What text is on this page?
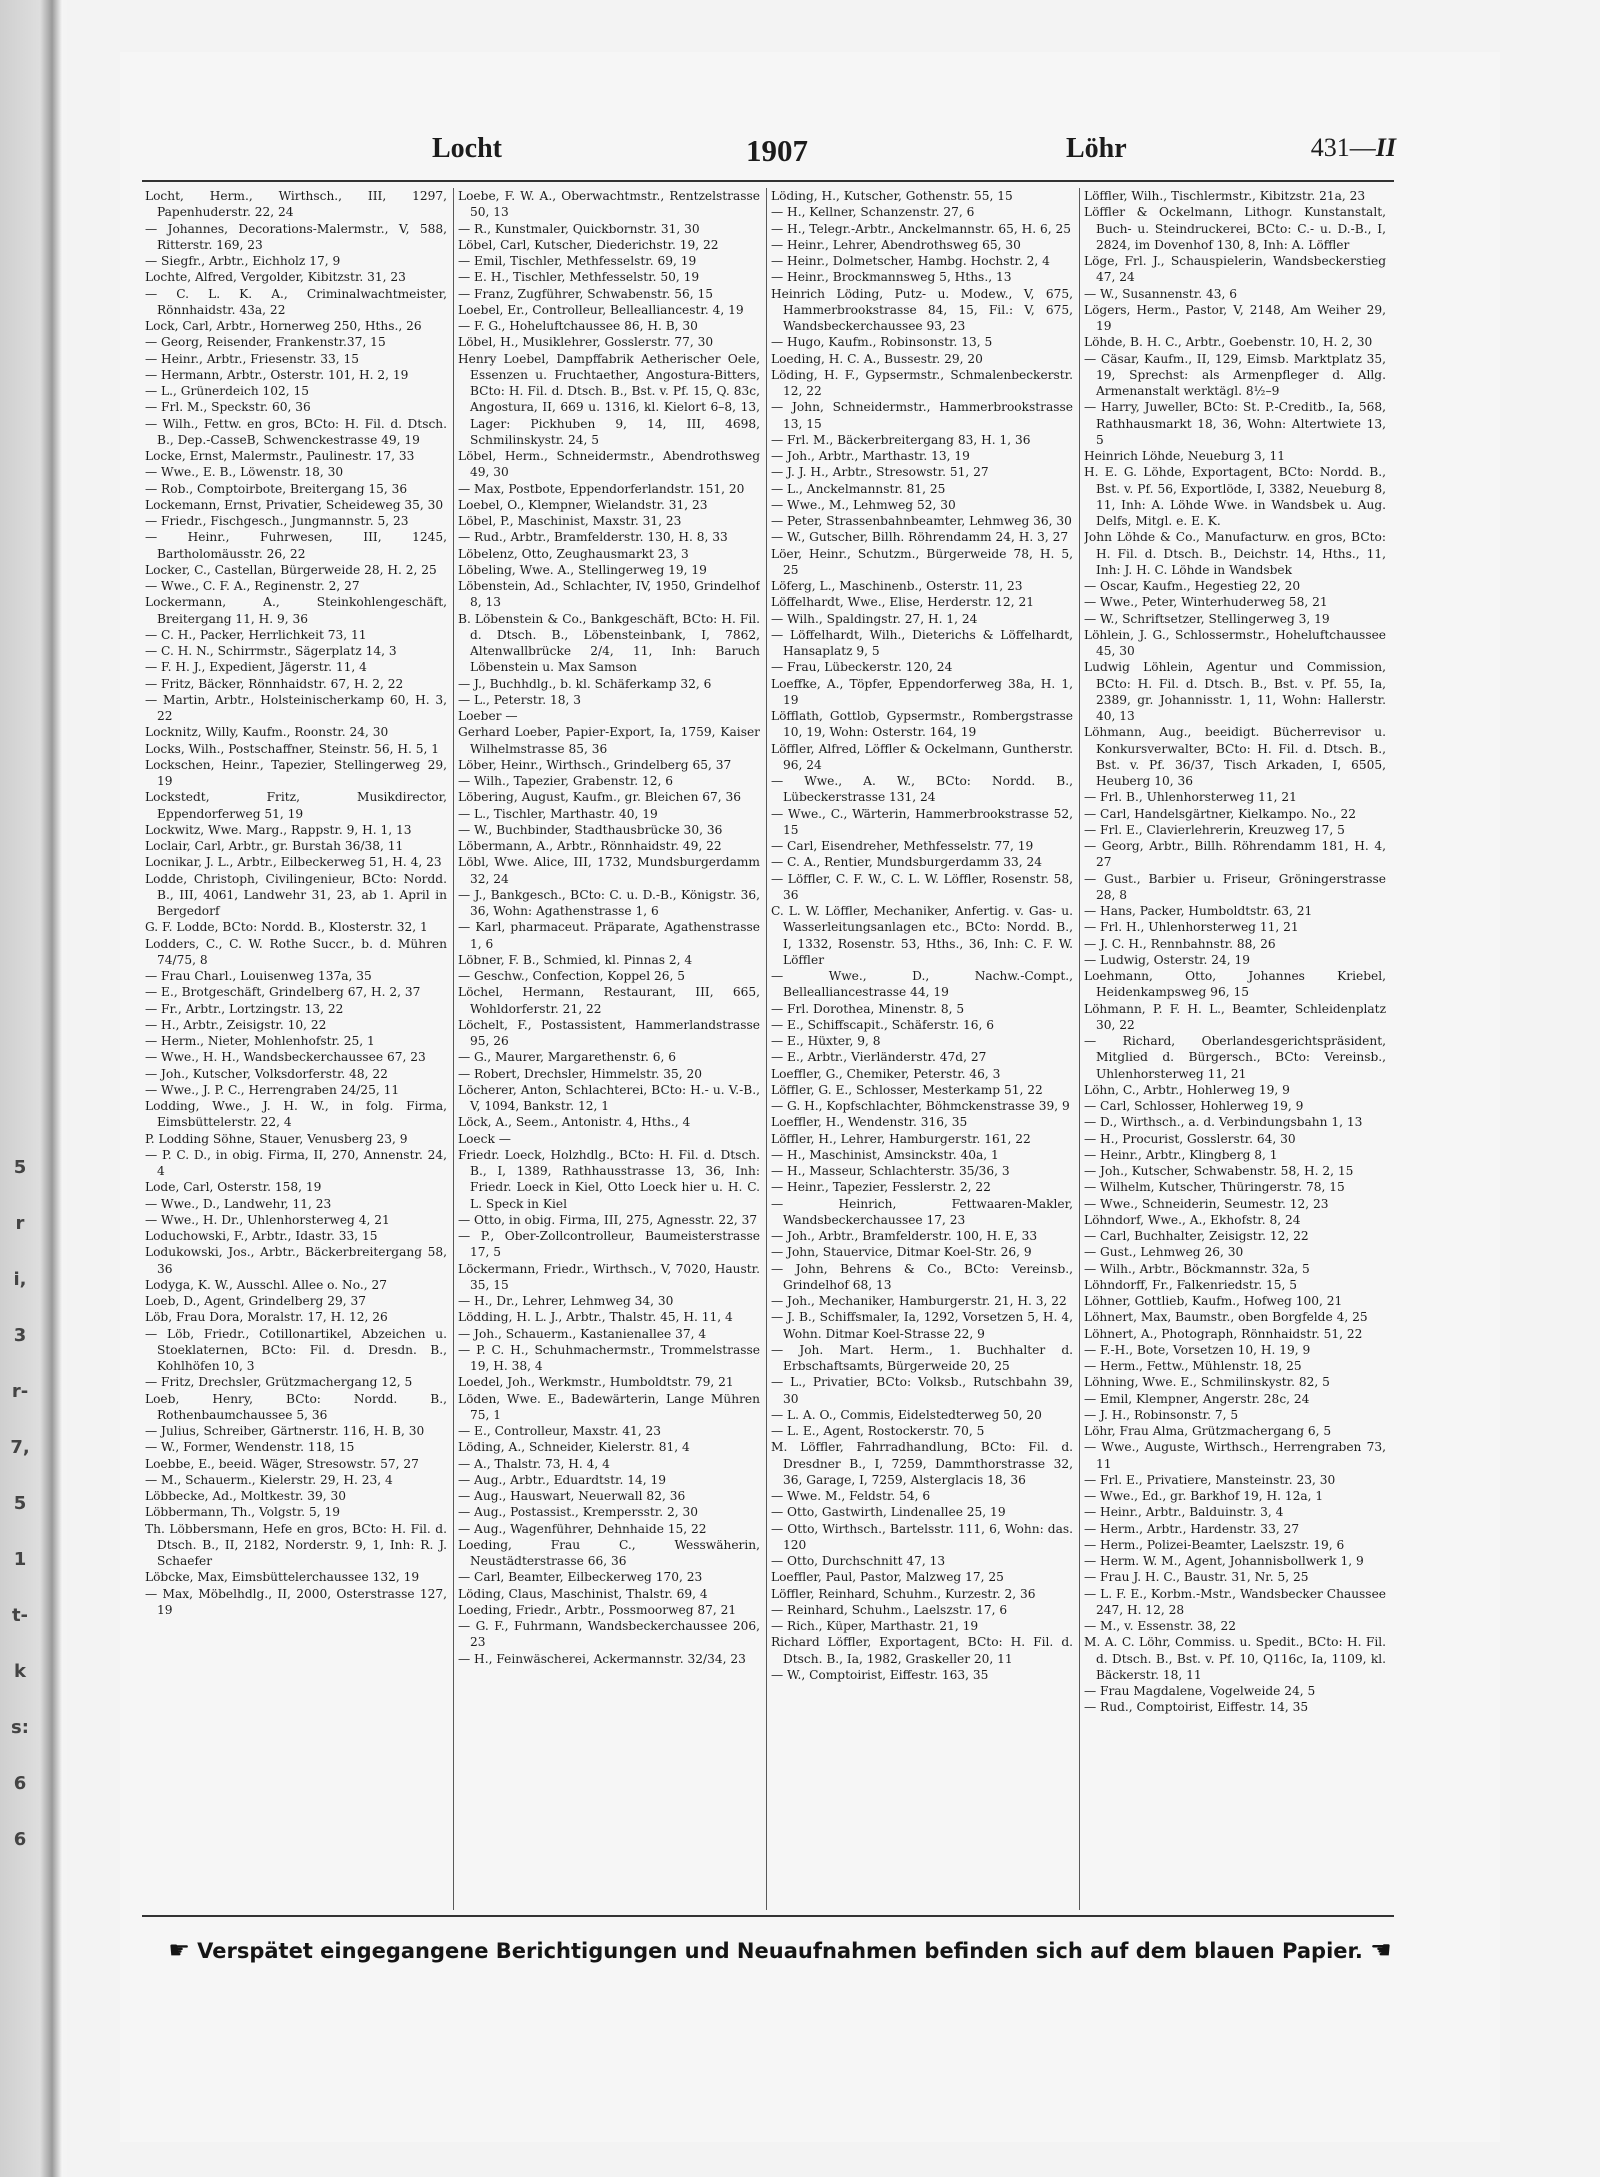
5
r
i,
3
r-
7,
5
1
t-
k
s:
6
6
Locht	1907	Löhr	431—II

Locht, Herm., Wirthsch., III, 1297, Papenhuderstr. 22, 24

— Johannes, Decorations-Malermstr., V, 588, Ritterstr. 169, 23

— Siegfr., Arbtr., Eichholz 17, 9

Lochte, Alfred, Vergolder, Kibitzstr. 31, 23

— C. L. K. A., Criminalwachtmeister, Rönnhaidstr. 43a, 22

Lock, Carl, Arbtr., Hornerweg 250, Hths., 26

— Georg, Reisender, Frankenstr.37, 15

— Heinr., Arbtr., Friesenstr. 33, 15

— Hermann, Arbtr., Osterstr. 101, H. 2, 19

— L., Grünerdeich 102, 15

— Frl. M., Speckstr. 60, 36

— Wilh., Fettw. en gros, BCto: H. Fil. d. Dtsch. B., Dep.-CasseB, Schwenckestrasse 49, 19

Locke, Ernst, Malermstr., Paulinestr. 17, 33

— Wwe., E. B., Löwenstr. 18, 30

— Rob., Comptoirbote, Breitergang 15, 36

Lockemann, Ernst, Privatier, Scheideweg 35, 30

— Friedr., Fischgesch., Jungmannstr. 5, 23

— Heinr., Fuhrwesen, III, 1245, Bartholomäusstr. 26, 22

Locker, C., Castellan, Bürgerweide 28, H. 2, 25

— Wwe., C. F. A., Reginenstr. 2, 27

Lockermann, A., Steinkohlengeschäft, Breitergang 11, H. 9, 36

— C. H., Packer, Herrlichkeit 73, 11

— C. H. N., Schirrmstr., Sägerplatz 14, 3

— F. H. J., Expedient, Jägerstr. 11, 4

— Fritz, Bäcker, Rönnhaidstr. 67, H. 2, 22

— Martin, Arbtr., Holsteinischerkamp 60, H. 3, 22

Locknitz, Willy, Kaufm., Roonstr. 24, 30

Locks, Wilh., Postschaffner, Steinstr. 56, H. 5, 1

Lockschen, Heinr., Tapezier, Stellingerweg 29, 19

Lockstedt, Fritz, Musikdirector, Eppendorferweg 51, 19

Lockwitz, Wwe. Marg., Rappstr. 9, H. 1, 13

Loclair, Carl, Arbtr., gr. Burstah 36/38, 11

Locnikar, J. L., Arbtr., Eilbeckerweg 51, H. 4, 23

Lodde, Christoph, Civilingenieur, BCto: Nordd. B., III, 4061, Landwehr 31, 23, ab 1. April in Bergedorf

G. F. Lodde, BCto: Nordd. B., Klosterstr. 32, 1

Lodders, C., C. W. Rothe Succr., b. d. Mühren 74/75, 8

— Frau Charl., Louisenweg 137a, 35

— E., Brotgeschäft, Grindelberg 67, H. 2, 37

— Fr., Arbtr., Lortzingstr. 13, 22

— H., Arbtr., Zeisigstr. 10, 22

— Herm., Nieter, Mohlenhofstr. 25, 1

— Wwe., H. H., Wandsbeckerchaussee 67, 23

— Joh., Kutscher, Volksdorferstr. 48, 22

— Wwe., J. P. C., Herrengraben 24/25, 11

Lodding, Wwe., J. H. W., in folg. Firma, Eimsbüttelerstr. 22, 4

P. Lodding Söhne, Stauer, Venusberg 23, 9

— P. C. D., in obig. Firma, II, 270, Annenstr. 24, 4

Lode, Carl, Osterstr. 158, 19

— Wwe., D., Landwehr, 11, 23

— Wwe., H. Dr., Uhlenhorsterweg 4, 21

Loduchowski, F., Arbtr., Idastr. 33, 15

Lodukowski, Jos., Arbtr., Bäckerbreitergang 58, 36

Lodyga, K. W., Ausschl. Allee o. No., 27

Loeb, D., Agent, Grindelberg 29, 37

Löb, Frau Dora, Moralstr. 17, H. 12, 26

— Löb, Friedr., Cotillonartikel, Abzeichen u. Stoeklaternen, BCto: Fil. d. Dresdn. B., Kohlhöfen 10, 3

— Fritz, Drechsler, Grützmachergang 12, 5

Loeb, Henry, BCto: Nordd. B., Rothenbaumchaussee 5, 36

— Julius, Schreiber, Gärtnerstr. 116, H. B, 30

— W., Former, Wendenstr. 118, 15

Loebbe, E., beeid. Wäger, Stresowstr. 57, 27

— M., Schauerm., Kielerstr. 29, H. 23, 4

Löbbecke, Ad., Moltkestr. 39, 30

Löbbermann, Th., Volgstr. 5, 19

Th. Löbbersmann, Hefe en gros, BCto: H. Fil. d. Dtsch. B., II, 2182, Norderstr. 9, 1, Inh: R. J. Schaefer

Löbcke, Max, Eimsbüttelerchaussee 132, 19

— Max, Möbelhdlg., II, 2000, Osterstrasse 127, 19

Loebe, F. W. A., Oberwachtmstr., Rentzelstrasse 50, 13

— R., Kunstmaler, Quickbornstr. 31, 30

Löbel, Carl, Kutscher, Diederichstr. 19, 22

— Emil, Tischler, Methfesselstr. 69, 19

— E. H., Tischler, Methfesselstr. 50, 19

— Franz, Zugführer, Schwabenstr. 56, 15

Loebel, Er., Controlleur, Bellealliancestr. 4, 19

— F. G., Hoheluftchaussee 86, H. B, 30

Löbel, H., Musiklehrer, Gosslerstr. 77, 30

Henry Loebel, Dampffabrik Aetherischer Oele, Essenzen u. Fruchtaether, Angostura-Bitters, BCto: H. Fil. d. Dtsch. B., Bst. v. Pf. 15, Q. 83c, Angostura, II, 669 u. 1316, kl. Kielort 6–8, 13, Lager: Pickhuben 9, 14, III, 4698, Schmilinskystr. 24, 5

Löbel, Herm., Schneidermstr., Abendrothsweg 49, 30

— Max, Postbote, Eppendorferlandstr. 151, 20

Loebel, O., Klempner, Wielandstr. 31, 23

Löbel, P., Maschinist, Maxstr. 31, 23

— Rud., Arbtr., Bramfelderstr. 130, H. 8, 33

Löbelenz, Otto, Zeughausmarkt 23, 3

Löbeling, Wwe. A., Stellingerweg 19, 19

Löbenstein, Ad., Schlachter, IV, 1950, Grindelhof 8, 13

B. Löbenstein & Co., Bankgeschäft, BCto: H. Fil. d. Dtsch. B., Löbensteinbank, I, 7862, Altenwallbrücke 2/4, 11, Inh: Baruch Löbenstein u. Max Samson

— J., Buchhdlg., b. kl. Schäferkamp 32, 6

— L., Peterstr. 18, 3

Loeber —

Gerhard Loeber, Papier-Export, Ia, 1759, Kaiser Wilhelmstrasse 85, 36

Löber, Heinr., Wirthsch., Grindelberg 65, 37

— Wilh., Tapezier, Grabenstr. 12, 6

Löbering, August, Kaufm., gr. Bleichen 67, 36

— L., Tischler, Marthastr. 40, 19

— W., Buchbinder, Stadthausbrücke 30, 36

Löbermann, A., Arbtr., Rönnhaidstr. 49, 22

Löbl, Wwe. Alice, III, 1732, Mundsburgerdamm 32, 24

— J., Bankgesch., BCto: C. u. D.-B., Königstr. 36, 36, Wohn: Agathenstrasse 1, 6

— Karl, pharmaceut. Präparate, Agathenstrasse 1, 6

Löbner, F. B., Schmied, kl. Pinnas 2, 4

— Geschw., Confection, Koppel 26, 5

Löchel, Hermann, Restaurant, III, 665, Wohldorferstr. 21, 22

Löchelt, F., Postassistent, Hammerlandstrasse 95, 26

— G., Maurer, Margarethenstr. 6, 6

— Robert, Drechsler, Himmelstr. 35, 20

Löcherer, Anton, Schlachterei, BCto: H.- u. V.-B., V, 1094, Bankstr. 12, 1

Löck, A., Seem., Antonistr. 4, Hths., 4

Loeck —

Friedr. Loeck, Holzhdlg., BCto: H. Fil. d. Dtsch. B., I, 1389, Rathhausstrasse 13, 36, Inh: Friedr. Loeck in Kiel, Otto Loeck hier u. H. C. L. Speck in Kiel

— Otto, in obig. Firma, III, 275, Agnesstr. 22, 37

— P., Ober-Zollcontrolleur, Baumeisterstrasse 17, 5

Löckermann, Friedr., Wirthsch., V, 7020, Haustr. 35, 15

— H., Dr., Lehrer, Lehmweg 34, 30

Lödding, H. L. J., Arbtr., Thalstr. 45, H. 11, 4

— Joh., Schauerm., Kastanienallee 37, 4

— P. C. H., Schuhmachermstr., Trommelstrasse 19, H. 38, 4

Loedel, Joh., Werkmstr., Humboldtstr. 79, 21

Löden, Wwe. E., Badewärterin, Lange Mühren 75, 1

— E., Controlleur, Maxstr. 41, 23

Löding, A., Schneider, Kielerstr. 81, 4

— A., Thalstr. 73, H. 4, 4

— Aug., Arbtr., Eduardtstr. 14, 19

— Aug., Hauswart, Neuerwall 82, 36

— Aug., Postassist., Krempersstr. 2, 30

— Aug., Wagenführer, Dehnhaide 15, 22

Loeding, Frau C., Wesswäherin, Neustädterstrasse 66, 36

— Carl, Beamter, Eilbeckerweg 170, 23

Löding, Claus, Maschinist, Thalstr. 69, 4

Loeding, Friedr., Arbtr., Possmoorweg 87, 21

— G. F., Fuhrmann, Wandsbeckerchaussee 206, 23

— H., Feinwäscherei, Ackermannstr. 32/34, 23

Löding, H., Kutscher, Gothenstr. 55, 15

— H., Kellner, Schanzenstr. 27, 6

— H., Telegr.-Arbtr., Anckelmannstr. 65, H. 6, 25

— Heinr., Lehrer, Abendrothsweg 65, 30

— Heinr., Dolmetscher, Hambg. Hochstr. 2, 4

— Heinr., Brockmannsweg 5, Hths., 13

Heinrich Löding, Putz- u. Modew., V, 675, Hammerbrookstrasse 84, 15, Fil.: V, 675, Wandsbeckerchaussee 93, 23

— Hugo, Kaufm., Robinsonstr. 13, 5

Loeding, H. C. A., Bussestr. 29, 20

Löding, H. F., Gypsermstr., Schmalenbeckerstr. 12, 22

— John, Schneidermstr., Hammerbrookstrasse 13, 15

— Frl. M., Bäckerbreitergang 83, H. 1, 36

— Joh., Arbtr., Marthastr. 13, 19

— J. J. H., Arbtr., Stresowstr. 51, 27

— L., Anckelmannstr. 81, 25

— Wwe., M., Lehmweg 52, 30

— Peter, Strassenbahnbeamter, Lehmweg 36, 30

— W., Gutscher, Billh. Röhrendamm 24, H. 3, 27

Löer, Heinr., Schutzm., Bürgerweide 78, H. 5, 25

Löferg, L., Maschinenb., Osterstr. 11, 23

Löffelhardt, Wwe., Elise, Herderstr. 12, 21

— Wilh., Spaldingstr. 27, H. 1, 24

— Löffelhardt, Wilh., Dieterichs & Löffelhardt, Hansaplatz 9, 5

— Frau, Lübeckerstr. 120, 24

Loeffke, A., Töpfer, Eppendorferweg 38a, H. 1, 19

Löfflath, Gottlob, Gypsermstr., Rombergstrasse 10, 19, Wohn: Osterstr. 164, 19

Löffler, Alfred, Löffler & Ockelmann, Guntherstr. 96, 24

— Wwe., A. W., BCto: Nordd. B., Lübeckerstrasse 131, 24

— Wwe., C., Wärterin, Hammerbrookstrasse 52, 15

— Carl, Eisendreher, Methfesselstr. 77, 19

— C. A., Rentier, Mundsburgerdamm 33, 24

— Löffler, C. F. W., C. L. W. Löffler, Rosenstr. 58, 36

C. L. W. Löffler, Mechaniker, Anfertig. v. Gas- u. Wasserleitungsanlagen etc., BCto: Nordd. B., I, 1332, Rosenstr. 53, Hths., 36, Inh: C. F. W. Löffler

— Wwe., D., Nachw.-Compt., Bellealliancestrasse 44, 19

— Frl. Dorothea, Minenstr. 8, 5

— E., Schiffscapit., Schäferstr. 16, 6

— E., Hüxter, 9, 8

— E., Arbtr., Vierländerstr. 47d, 27

Loeffler, G., Chemiker, Peterstr. 46, 3

Löffler, G. E., Schlosser, Mesterkamp 51, 22

— G. H., Kopfschlachter, Böhmckenstrasse 39, 9

Loeffler, H., Wendenstr. 316, 35

Löffler, H., Lehrer, Hamburgerstr. 161, 22

— H., Maschinist, Amsinckstr. 40a, 1

— H., Masseur, Schlachterstr. 35/36, 3

— Heinr., Tapezier, Fesslerstr. 2, 22

— Heinrich, Fettwaaren-Makler, Wandsbeckerchaussee 17, 23

— Joh., Arbtr., Bramfelderstr. 100, H. E, 33

— John, Stauervice, Ditmar Koel-Str. 26, 9

— John, Behrens & Co., BCto: Vereinsb., Grindelhof 68, 13

— Joh., Mechaniker, Hamburgerstr. 21, H. 3, 22

— J. B., Schiffsmaler, Ia, 1292, Vorsetzen 5, H. 4, Wohn. Ditmar Koel-Strasse 22, 9

— Joh. Mart. Herm., 1. Buchhalter d. Erbschaftsamts, Bürgerweide 20, 25

— L., Privatier, BCto: Volksb., Rutschbahn 39, 30

— L. A. O., Commis, Eidelstedterweg 50, 20

— L. E., Agent, Rostockerstr. 70, 5

M. Löffler, Fahrradhandlung, BCto: Fil. d. Dresdner B., I, 7259, Dammthorstrasse 32, 36, Garage, I, 7259, Alsterglacis 18, 36

— Wwe. M., Feldstr. 54, 6

— Otto, Gastwirth, Lindenallee 25, 19

— Otto, Wirthsch., Bartelsstr. 111, 6, Wohn: das. 120

— Otto, Durchschnitt 47, 13

Loeffler, Paul, Pastor, Malzweg 17, 25

Löffler, Reinhard, Schuhm., Kurzestr. 2, 36

— Reinhard, Schuhm., Laelszstr. 17, 6

— Rich., Küper, Marthastr. 21, 19

Richard Löffler, Exportagent, BCto: H. Fil. d. Dtsch. B., Ia, 1982, Graskeller 20, 11

— W., Comptoirist, Eiffestr. 163, 35

Löffler, Wilh., Tischlermstr., Kibitzstr. 21a, 23

Löffler & Ockelmann, Lithogr. Kunstanstalt, Buch- u. Steindruckerei, BCto: C.- u. D.-B., I, 2824, im Dovenhof 130, 8, Inh: A. Löffler

Löge, Frl. J., Schauspielerin, Wandsbeckerstieg 47, 24

— W., Susannenstr. 43, 6

Lögers, Herm., Pastor, V, 2148, Am Weiher 29, 19

Löhde, B. H. C., Arbtr., Goebenstr. 10, H. 2, 30

— Cäsar, Kaufm., II, 129, Eimsb. Marktplatz 35, 19, Sprechst: als Armenpfleger d. Allg. Armenanstalt werktägl. 8½–9

— Harry, Juweller, BCto: St. P.-Creditb., Ia, 568, Rathhausmarkt 18, 36, Wohn: Altertwiete 13, 5

Heinrich Löhde, Neueburg 3, 11

H. E. G. Löhde, Exportagent, BCto: Nordd. B., Bst. v. Pf. 56, Exportlöde, I, 3382, Neueburg 8, 11, Inh: A. Löhde Wwe. in Wandsbek u. Aug. Delfs, Mitgl. e. E. K.

John Löhde & Co., Manufacturw. en gros, BCto: H. Fil. d. Dtsch. B., Deichstr. 14, Hths., 11, Inh: J. H. C. Löhde in Wandsbek

— Oscar, Kaufm., Hegestieg 22, 20

— Wwe., Peter, Winterhuderweg 58, 21

— W., Schriftsetzer, Stellingerweg 3, 19

Löhlein, J. G., Schlossermstr., Hoheluftchaussee 45, 30

Ludwig Löhlein, Agentur und Commission, BCto: H. Fil. d. Dtsch. B., Bst. v. Pf. 55, Ia, 2389, gr. Johannisstr. 1, 11, Wohn: Hallerstr. 40, 13

Löhmann, Aug., beeidigt. Bücherrevisor u. Konkursverwalter, BCto: H. Fil. d. Dtsch. B., Bst. v. Pf. 36/37, Tisch Arkaden, I, 6505, Heuberg 10, 36

— Frl. B., Uhlenhorsterweg 11, 21

— Carl, Handelsgärtner, Kielkampo. No., 22

— Frl. E., Clavierlehrerin, Kreuzweg 17, 5

— Georg, Arbtr., Billh. Röhrendamm 181, H. 4, 27

— Gust., Barbier u. Friseur, Gröningerstrasse 28, 8

— Hans, Packer, Humboldtstr. 63, 21

— Frl. H., Uhlenhorsterweg 11, 21

— J. C. H., Rennbahnstr. 88, 26

— Ludwig, Osterstr. 24, 19

Loehmann, Otto, Johannes Kriebel, Heidenkampsweg 96, 15

Löhmann, P. F. H. L., Beamter, Schleidenplatz 30, 22

— Richard, Oberlandesgerichtspräsident, Mitglied d. Bürgersch., BCto: Vereinsb., Uhlenhorsterweg 11, 21

Löhn, C., Arbtr., Hohlerweg 19, 9

— Carl, Schlosser, Hohlerweg 19, 9

— D., Wirthsch., a. d. Verbindungsbahn 1, 13

— H., Procurist, Gosslerstr. 64, 30

— Heinr., Arbtr., Klingberg 8, 1

— Joh., Kutscher, Schwabenstr. 58, H. 2, 15

— Wilhelm, Kutscher, Thüringerstr. 78, 15

— Wwe., Schneiderin, Seumestr. 12, 23

Löhndorf, Wwe., A., Ekhofstr. 8, 24

— Carl, Buchhalter, Zeisigstr. 12, 22

— Gust., Lehmweg 26, 30

— Wilh., Arbtr., Böckmannstr. 32a, 5

Löhndorff, Fr., Falkenriedstr. 15, 5

Löhner, Gottlieb, Kaufm., Hofweg 100, 21

Löhnert, Max, Baumstr., oben Borgfelde 4, 25

Löhnert, A., Photograph, Rönnhaidstr. 51, 22

— F.-H., Bote, Vorsetzen 10, H. 19, 9

— Herm., Fettw., Mühlenstr. 18, 25

Löhning, Wwe. E., Schmilinskystr. 82, 5

— Emil, Klempner, Angerstr. 28c, 24

— J. H., Robinsonstr. 7, 5

Löhr, Frau Alma, Grützmachergang 6, 5

— Wwe., Auguste, Wirthsch., Herrengraben 73, 11

— Frl. E., Privatiere, Mansteinstr. 23, 30

— Wwe., Ed., gr. Barkhof 19, H. 12a, 1

— Heinr., Arbtr., Balduinstr. 3, 4

— Herm., Arbtr., Hardenstr. 33, 27

— Herm., Polizei-Beamter, Laelszstr. 19, 6

— Herm. W. M., Agent, Johannisbollwerk 1, 9

— Frau J. H. C., Baustr. 31, Nr. 5, 25

— L. F. E., Korbm.-Mstr., Wandsbecker Chaussee 247, H. 12, 28

— M., v. Essenstr. 38, 22

M. A. C. Löhr, Commiss. u. Spedit., BCto: H. Fil. d. Dtsch. B., Bst. v. Pf. 10, Q116c, Ia, 1109, kl. Bäckerstr. 18, 11

— Frau Magdalene, Vogelweide 24, 5

— Rud., Comptoirist, Eiffestr. 14, 35

☛ Verspätet eingegangene Berichtigungen und Neuaufnahmen befinden sich auf dem blauen Papier. ☚
